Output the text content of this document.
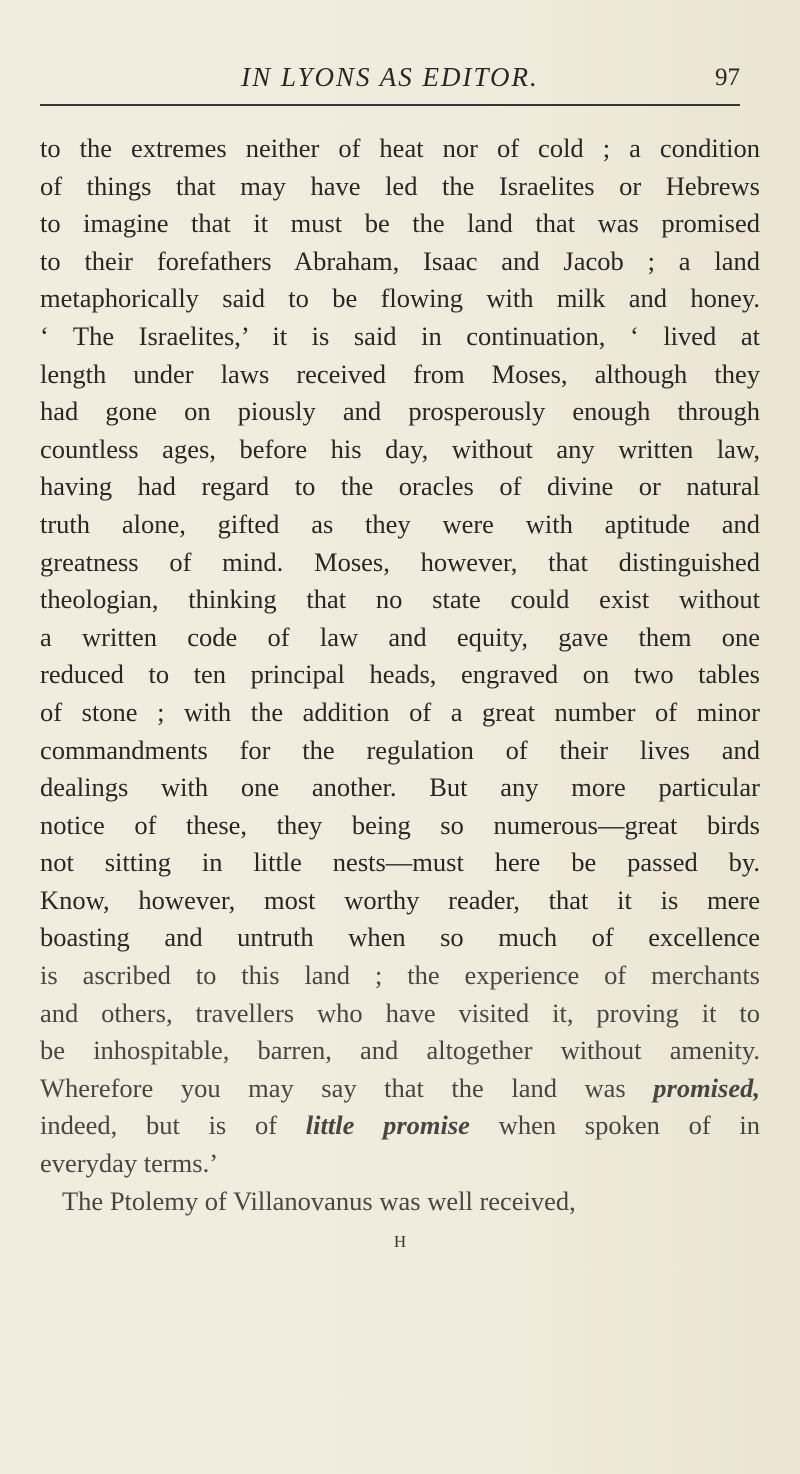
IN LYONS AS EDITOR.	97
to the extremes neither of heat nor of cold ; a condition
of things that may have led the Israelites or Hebrews
to imagine that it must be the land that was promised
to their forefathers Abraham, Isaac and Jacob ; a land
metaphorically said to be flowing with milk and honey.
‘ The Israelites,’ it is said in continuation, ‘ lived at
length under laws received from Moses, although they
had gone on piously and prosperously enough through
countless ages, before his day, without any written law,
having had regard to the oracles of divine or natural
truth alone, gifted as they were with aptitude and
greatness of mind. Moses, however, that distinguished
theologian, thinking that no state could exist without
a written code of law and equity, gave them one
reduced to ten principal heads, engraved on two tables
of stone ; with the addition of a great number of minor
commandments for the regulation of their lives and
dealings with one another. But any more particular
notice of these, they being so numerous—great birds
not sitting in little nests—must here be passed by.
Know, however, most worthy reader, that it is mere
boasting and untruth when so much of excellence
is ascribed to this land ; the experience of merchants
and others, travellers who have visited it, proving it to
be inhospitable, barren, and altogether without amenity.
Wherefore you may say that the land was promised,
indeed, but is of little promise when spoken of in
everyday terms.’
The Ptolemy of Villanovanus was well received,
H
